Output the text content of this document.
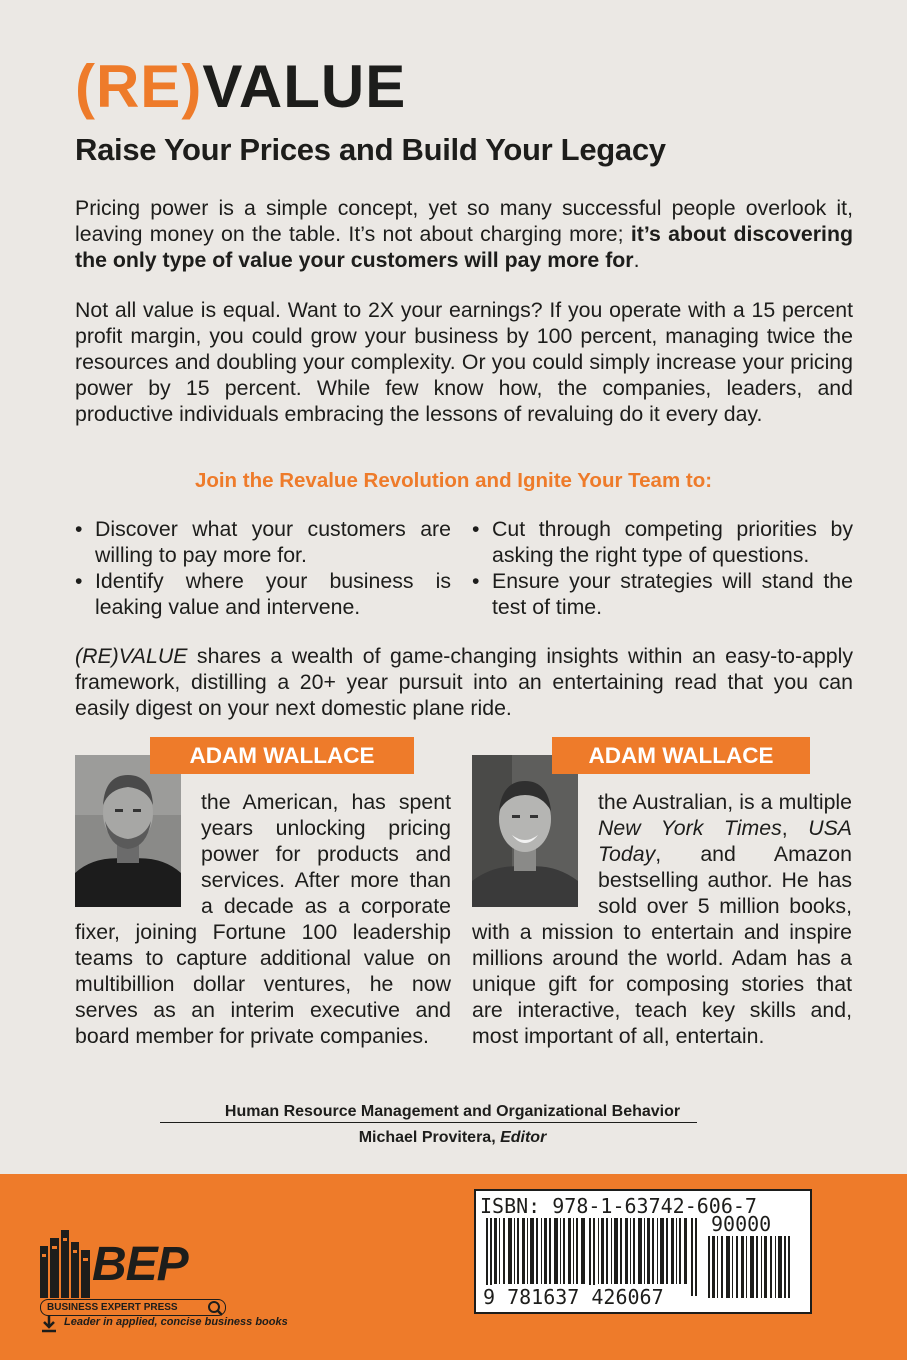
(RE)VALUE
Raise Your Prices and Build Your Legacy
Pricing power is a simple concept, yet so many successful people overlook it, leaving money on the table. It’s not about charging more; it’s about discovering the only type of value your customers will pay more for.
Not all value is equal. Want to 2X your earnings? If you operate with a 15 percent profit margin, you could grow your business by 100 percent, managing twice the resources and doubling your complexity. Or you could simply increase your pricing power by 15 percent. While few know how, the companies, leaders, and productive individuals embracing the lessons of revaluing do it every day.
Join the Revalue Revolution and Ignite Your Team to:
• Discover what your customers are willing to pay more for.
• Identify where your business is leaking value and intervene.
• Cut through competing priorities by asking the right type of questions.
• Ensure your strategies will stand the test of time.
(RE)VALUE shares a wealth of game-changing insights within an easy-to-apply framework, distilling a 20+ year pursuit into an entertaining read that you can easily digest on your next domestic plane ride.
ADAM WALLACE	ADAM WALLACE
the American, has spent years unlocking pricing power for products and services. After more than a decade as a corporate fixer, joining Fortune 100 leadership teams to capture additional value on multibillion dollar ventures, he now serves as an interim executive and board member for private companies.
the Australian, is a multiple New York Times, USA Today, and Amazon bestselling author. He has sold over 5 million books, with a mission to entertain and inspire millions around the world. Adam has a unique gift for composing stories that are interactive, teach key skills and, most important of all, entertain.
Human Resource Management and Organizational Behavior
Michael Provitera, Editor
BEP
BUSINESS EXPERT PRESS
Leader in applied, concise business books
ISBN: 978-1-63742-606-7
90000
9 781637 426067
